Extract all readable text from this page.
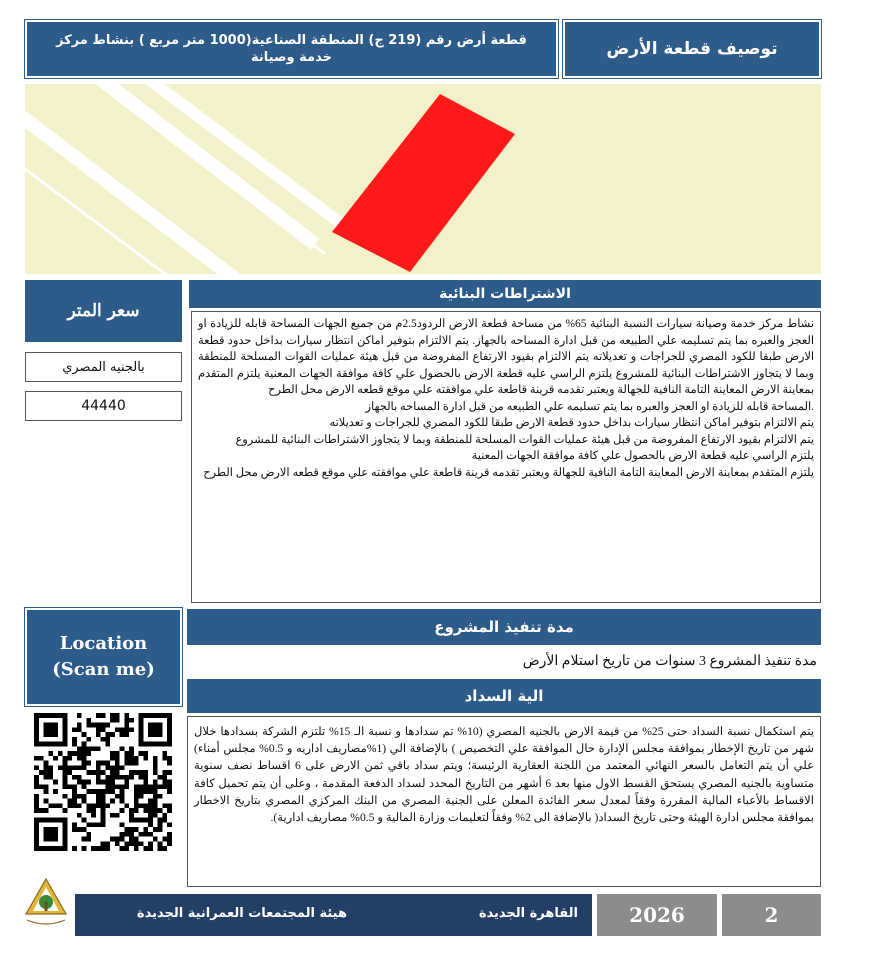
توصيف قطعة الأرض
قطعة أرض رقم (219 ج) المنطقة الصناعية(1000 متر مربع ) بنشاط مركز خدمة وصيانة
سعر المتر
بالجنيه المصري
44440
الاشتراطات البنائية

نشاط مركز خدمة وصيانة سيارات النسبة البنائية 65% من مساحة قطعة الارض الردود2.5م من جميع الجهات المساحة قابله للزيادة او العجز والعبره بما يتم تسليمه علي الطبيعه من قبل ادارة المساحه بالجهاز. يتم الالتزام بتوفير اماكن انتظار سيارات بداخل حدود قطعة الارض طبقا للكود المصري للجراجات و تعديلاته يتم الالتزام بقيود الارتفاع المفروضة من قبل هيئة عمليات القوات المسلحة للمنطقة وبما لا يتجاوز الاشتراطات البنائية للمشروع يلتزم الراسي عليه قطعة الارض بالحصول علي كافة موافقة الجهات المعنية يلتزم المتقدم بمعاينة الارض المعاينة التامة النافية للجهالة ويعتبر تقدمه قرينة قاطعة علي موافقته علي موقع قطعه الارض محل الطرح

.المساحة قابله للزيادة او العجز والعبره بما يتم تسليمه علي الطبيعه من قبل ادارة المساحه بالجهاز

يتم الالتزام بتوفير اماكن انتظار سيارات بداخل حدود قطعة الارض طبقا للكود المصري للجراجات و تعديلاته

يتم الالتزام بقيود الارتفاع المفروضة من قبل هيئة عمليات القوات المسلحة للمنطقة وبما لا يتجاوز الاشتراطات البنائية للمشروع

يلتزم الراسي عليه قطعة الارض بالحصول علي كافة موافقة الجهات المعنية

يلتزم المتقدم بمعاينة الارض المعاينة التامة النافية للجهالة ويعتبر تقدمه قرينة قاطعة علي موافقته علي موقع قطعه الارض محل الطرح

Location
(Scan me)
مدة تنفيذ المشروع
مدة تنفيذ المشروع 3 سنوات من تاريخ استلام الأرض
الية السداد
يتم استكمال نسبة السداد حتى 25% من قيمة الارض بالجنيه المصري (10% تم سدادها و نسبة الـ 15% تلتزم الشركة بسدادها خلال شهر من تاريخ الإخطار بموافقة مجلس الإدارة حال الموافقة علي التخصيص ) بالإضافة الي (1%مصاريف اداريه و 0.5% مجلس أمناء) علي أن يتم التعامل بالسعر النهائي المعتمد من اللجنة العقارية الرئيسة؛ ويتم سداد باقي ثمن الارض على 6 اقساط نصف سنوية متساوية بالجنيه المصري يستحق القسط الاول منها بعد 6 أشهر من التاريخ المحدد لسداد الدفعة المقدمة ، وعلى أن يتم تحميل كافة الاقساط بالأعباء المالية المقررة وفقاً لمعدل سعر الفائدة المعلن على الجنية المصري من البنك المركزي المصري بتاريخ الاخطار بموافقة مجلس ادارة الهيئة وحتى تاريخ السداد( بالإضافة الى 2% وفقاً لتعليمات وزارة المالية و 0.5% مصاريف ادارية).
القاهرة الجديدة
هيئة المجتمعات العمرانية الجديدة	2026	2
